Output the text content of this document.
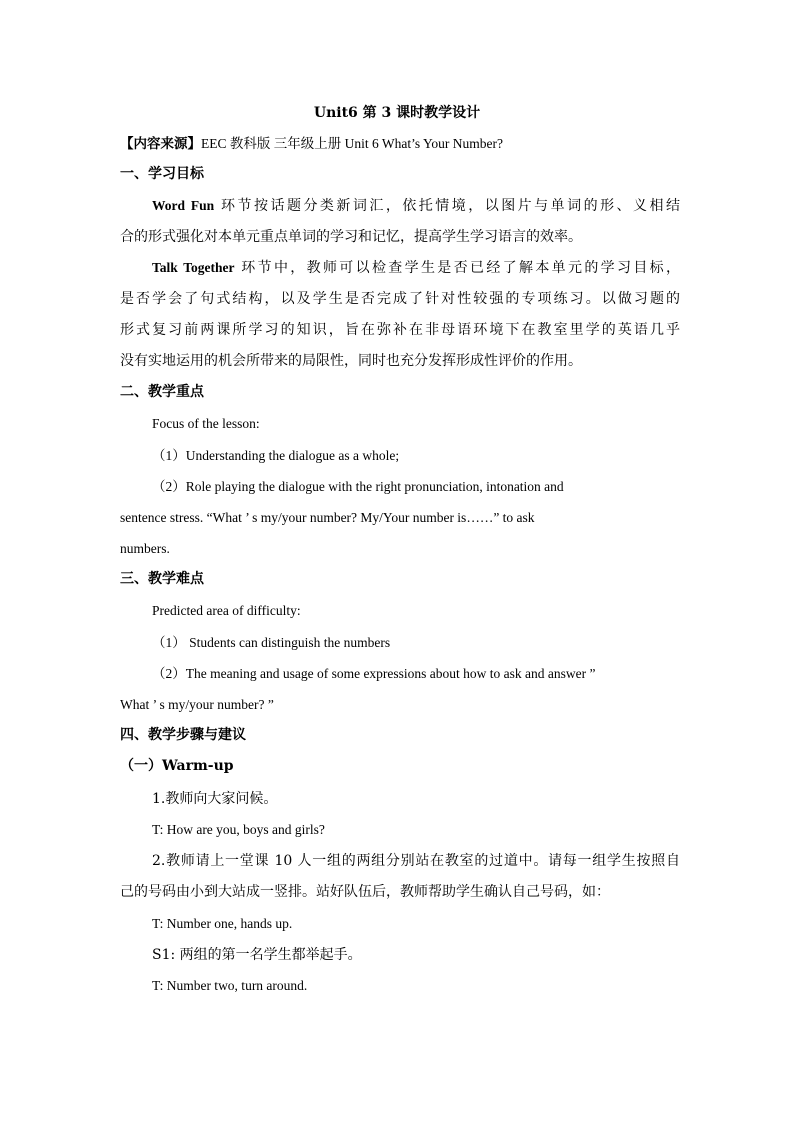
Unit6 第 3 课时教学设计
【内容来源】EEC 教科版 三年级上册 Unit 6 What’s Your Number?
一、学习目标
Word Fun 环节按话题分类新词汇，依托情境，以图片与单词的形、义相结
合的形式强化对本单元重点单词的学习和记忆，提高学生学习语言的效率。
Talk Together 环节中，教师可以检查学生是否已经了解本单元的学习目标，
是否学会了句式结构，以及学生是否完成了针对性较强的专项练习。以做习题的
形式复习前两课所学习的知识，旨在弥补在非母语环境下在教室里学的英语几乎
没有实地运用的机会所带来的局限性，同时也充分发挥形成性评价的作用。
二、教学重点
Focus of the lesson:
（1）Understanding the dialogue as a whole;
（2）Role playing the dialogue with the right pronunciation, intonation and
sentence stress. “What ’ s my/your number? My/Your number is……” to ask
numbers.
三、教学难点
Predicted area of difficulty:
（1） Students can distinguish the numbers
（2）The meaning and usage of some expressions about how to ask and answer ”
What ’ s my/your number? ”
四、教学步骤与建议
（一）Warm-up
1.教师向大家问候。
T: How are you, boys and girls?
2.教师请上一堂课 10 人一组的两组分别站在教室的过道中。请每一组学生按照自
己的号码由小到大站成一竖排。站好队伍后，教师帮助学生确认自己号码，如：
T: Number one, hands up.
S1: 两组的第一名学生都举起手。
T: Number two, turn around.
